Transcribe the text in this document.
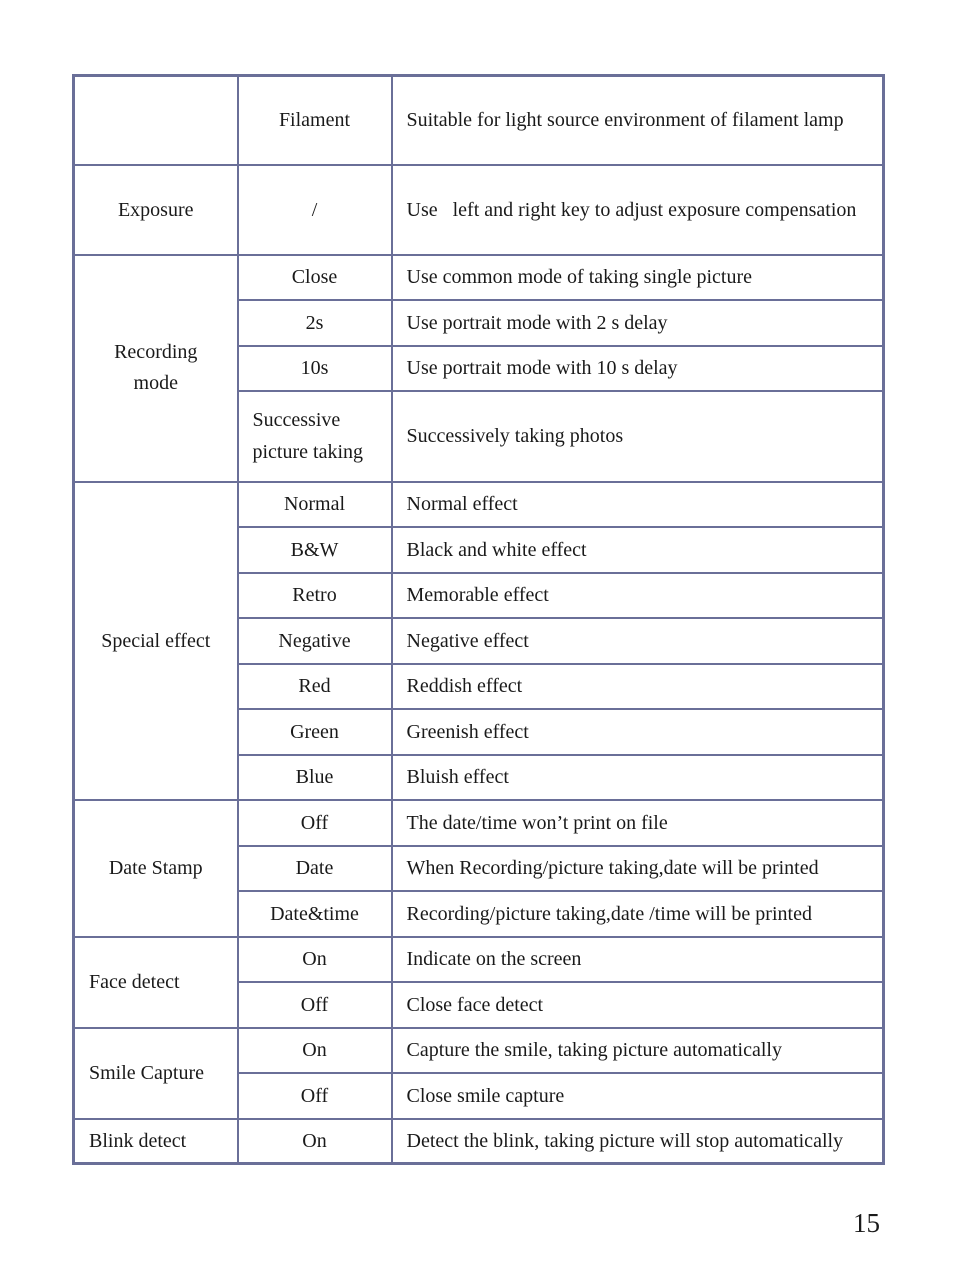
	Filament	Suitable for light source environment of filament lamp
Exposure	/	Use   left and right key to adjust exposure compensation
Recording mode	Close	Use common mode of taking single picture
	2s	Use portrait mode with 2 s delay
	10s	Use portrait mode with 10 s delay
	Successive picture taking	Successively taking photos
Special effect	Normal	Normal effect
	B&W	Black and white effect
	Retro	Memorable effect
	Negative	Negative effect
	Red	Reddish effect
	Green	Greenish effect
	Blue	Bluish effect
Date Stamp	Off	The date/time won’t print on file
	Date	When Recording/picture taking,date will be printed
	Date&time	Recording/picture taking,date /time will be printed
Face detect	On	Indicate on the screen
	Off	Close face detect
Smile Capture	On	Capture the smile, taking picture automatically
	Off	Close smile capture
Blink detect	On	Detect the blink, taking picture will stop automatically
15
